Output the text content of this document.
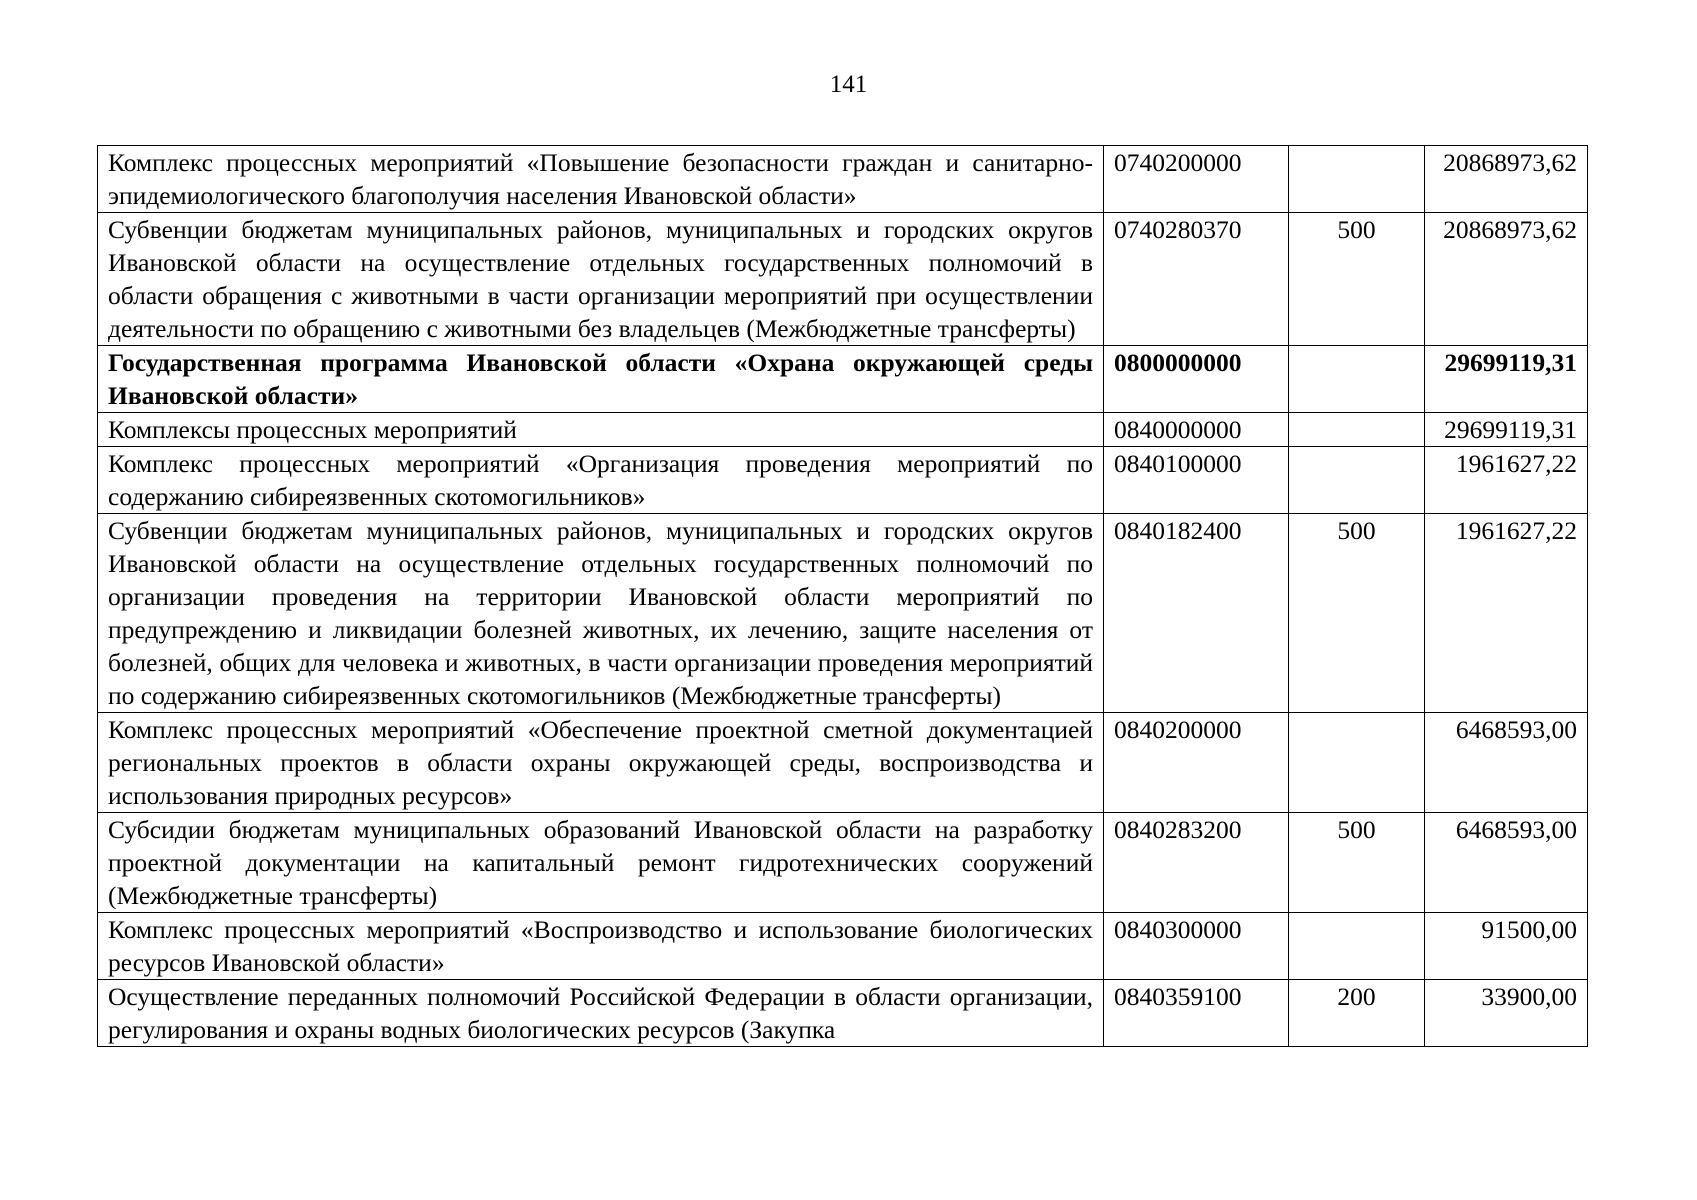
141
Комплекс процессных мероприятий «Повышение безопасности граждан и санитарно-эпидемиологического благополучия населения Ивановской области»	0740200000		20868973,62
Субвенции бюджетам муниципальных районов, муниципальных и городских округов Ивановской области на осуществление отдельных государственных полномочий в области обращения с животными в части организации мероприятий при осуществлении деятельности по обращению с животными без владельцев (Межбюджетные трансферты)	0740280370	500	20868973,62
Государственная программа Ивановской области «Охрана окружающей среды Ивановской области»	0800000000		29699119,31
Комплексы процессных мероприятий	0840000000		29699119,31
Комплекс процессных мероприятий «Организация проведения мероприятий по содержанию сибиреязвенных скотомогильников»	0840100000		1961627,22
Субвенции бюджетам муниципальных районов, муниципальных и городских округов Ивановской области на осуществление отдельных государственных полномочий по организации проведения на территории Ивановской области мероприятий по предупреждению и ликвидации болезней животных, их лечению, защите населения от болезней, общих для человека и животных, в части организации проведения мероприятий по содержанию сибиреязвенных скотомогильников (Межбюджетные трансферты)	0840182400	500	1961627,22
Комплекс процессных мероприятий «Обеспечение проектной сметной документацией региональных проектов в области охраны окружающей среды, воспроизводства и использования природных ресурсов»	0840200000		6468593,00
Субсидии бюджетам муниципальных образований Ивановской области на разработку проектной документации на капитальный ремонт гидротехнических сооружений (Межбюджетные трансферты)	0840283200	500	6468593,00
Комплекс процессных мероприятий «Воспроизводство и использование биологических ресурсов Ивановской области»	0840300000		91500,00
Осуществление переданных полномочий Российской Федерации в области организации, регулирования и охраны водных биологических ресурсов (Закупка	0840359100	200	33900,00
